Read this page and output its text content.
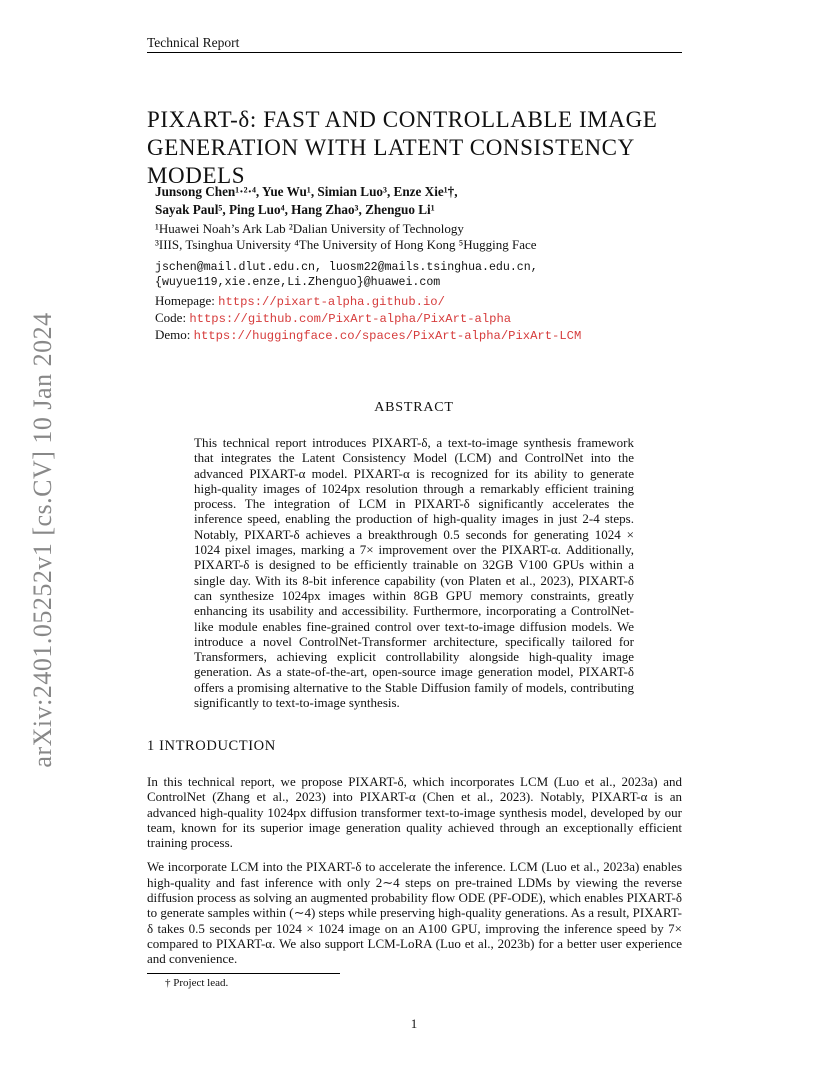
Technical Report
arXiv:2401.05252v1 [cs.CV] 10 Jan 2024
PIXART-δ: FAST AND CONTROLLABLE IMAGE
GENERATION WITH LATENT CONSISTENCY MODELS
Junsong Chen¹·²·⁴, Yue Wu¹, Simian Luo³, Enze Xie¹†,
Sayak Paul⁵, Ping Luo⁴, Hang Zhao³, Zhenguo Li¹
¹Huawei Noah’s Ark Lab ²Dalian University of Technology
³IIIS, Tsinghua University ⁴The University of Hong Kong ⁵Hugging Face
jschen@mail.dlut.edu.cn, luosm22@mails.tsinghua.edu.cn,
{wuyue119,xie.enze,Li.Zhenguo}@huawei.com
Homepage: https://pixart-alpha.github.io/
Code: https://github.com/PixArt-alpha/PixArt-alpha
Demo: https://huggingface.co/spaces/PixArt-alpha/PixArt-LCM
ABSTRACT
This technical report introduces PIXART-δ, a text-to-image synthesis framework that integrates the Latent Consistency Model (LCM) and ControlNet into the advanced PIXART-α model. PIXART-α is recognized for its ability to generate high-quality images of 1024px resolution through a remarkably efficient training process. The integration of LCM in PIXART-δ significantly accelerates the inference speed, enabling the production of high-quality images in just 2-4 steps. Notably, PIXART-δ achieves a breakthrough 0.5 seconds for generating 1024 × 1024 pixel images, marking a 7× improvement over the PIXART-α. Additionally, PIXART-δ is designed to be efficiently trainable on 32GB V100 GPUs within a single day. With its 8-bit inference capability (von Platen et al., 2023), PIXART-δ can synthesize 1024px images within 8GB GPU memory constraints, greatly enhancing its usability and accessibility. Furthermore, incorporating a ControlNet-like module enables fine-grained control over text-to-image diffusion models. We introduce a novel ControlNet-Transformer architecture, specifically tailored for Transformers, achieving explicit controllability alongside high-quality image generation. As a state-of-the-art, open-source image generation model, PIXART-δ offers a promising alternative to the Stable Diffusion family of models, contributing significantly to text-to-image synthesis.
1 INTRODUCTION

In this technical report, we propose PIXART-δ, which incorporates LCM (Luo et al., 2023a) and ControlNet (Zhang et al., 2023) into PIXART-α (Chen et al., 2023). Notably, PIXART-α is an advanced high-quality 1024px diffusion transformer text-to-image synthesis model, developed by our team, known for its superior image generation quality achieved through an exceptionally efficient training process.

We incorporate LCM into the PIXART-δ to accelerate the inference. LCM (Luo et al., 2023a) enables high-quality and fast inference with only 2∼4 steps on pre-trained LDMs by viewing the reverse diffusion process as solving an augmented probability flow ODE (PF-ODE), which enables PIXART-δ to generate samples within (∼4) steps while preserving high-quality generations. As a result, PIXART-δ takes 0.5 seconds per 1024 × 1024 image on an A100 GPU, improving the inference speed by 7× compared to PIXART-α. We also support LCM-LoRA (Luo et al., 2023b) for a better user experience and convenience.

† Project lead.
1
